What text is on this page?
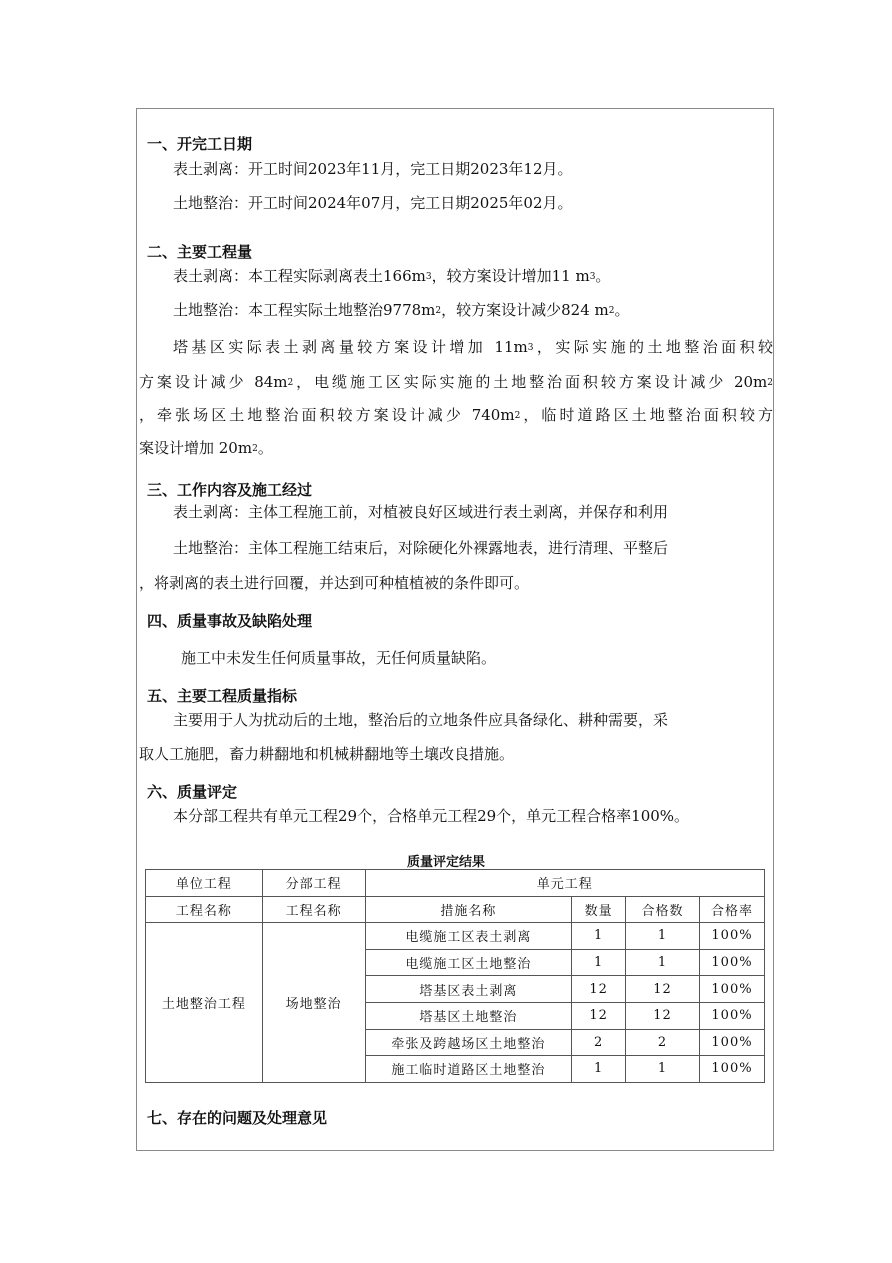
一、开完工日期
表土剥离：开工时间2023年11月，完工日期2023年12月。
土地整治：开工时间2024年07月，完工日期2025年02月。
二、主要工程量
表土剥离：本工程实际剥离表土$166m^3$，较方案设计增加11 $m^3$。
土地整治：本工程实际土地整治$9778m^2$，较方案设计减少824 $m^2$。
塔基区实际表土剥离量较方案设计增加 $11m^3$，实际实施的土地整治面积较
方案设计减少 $84m^2$，电缆施工区实际实施的土地整治面积较方案设计减少 $20m^2$
，牵张场区土地整治面积较方案设计减少 $740m^2$，临时道路区土地整治面积较方
案设计增加 $20m^2$。
三、工作内容及施工经过
表土剥离：主体工程施工前，对植被良好区域进行表土剥离，并保存和利用
土地整治：主体工程施工结束后，对除硬化外裸露地表，进行清理、平整后
，将剥离的表土进行回覆，并达到可种植植被的条件即可。
四、质量事故及缺陷处理
施工中未发生任何质量事故，无任何质量缺陷。
五、主要工程质量指标
主要用于人为扰动后的土地，整治后的立地条件应具备绿化、耕种需要，采
取人工施肥，畜力耕翻地和机械耕翻地等土壤改良措施。
六、质量评定
本分部工程共有单元工程29个，合格单元工程29个，单元工程合格率100%。
质量评定结果
单位工程	分部工程	单元工程			
工程名称	工程名称	措施名称	数量	合格数	合格率
土地整治工程	场地整治	电缆施工区表土剥离	1	1	100%
		电缆施工区土地整治	1	1	100%
		塔基区表土剥离	12	12	100%
		塔基区土地整治	12	12	100%
		牵张及跨越场区土地整治	2	2	100%
		施工临时道路区土地整治	1	1	100%
七、存在的问题及处理意见
